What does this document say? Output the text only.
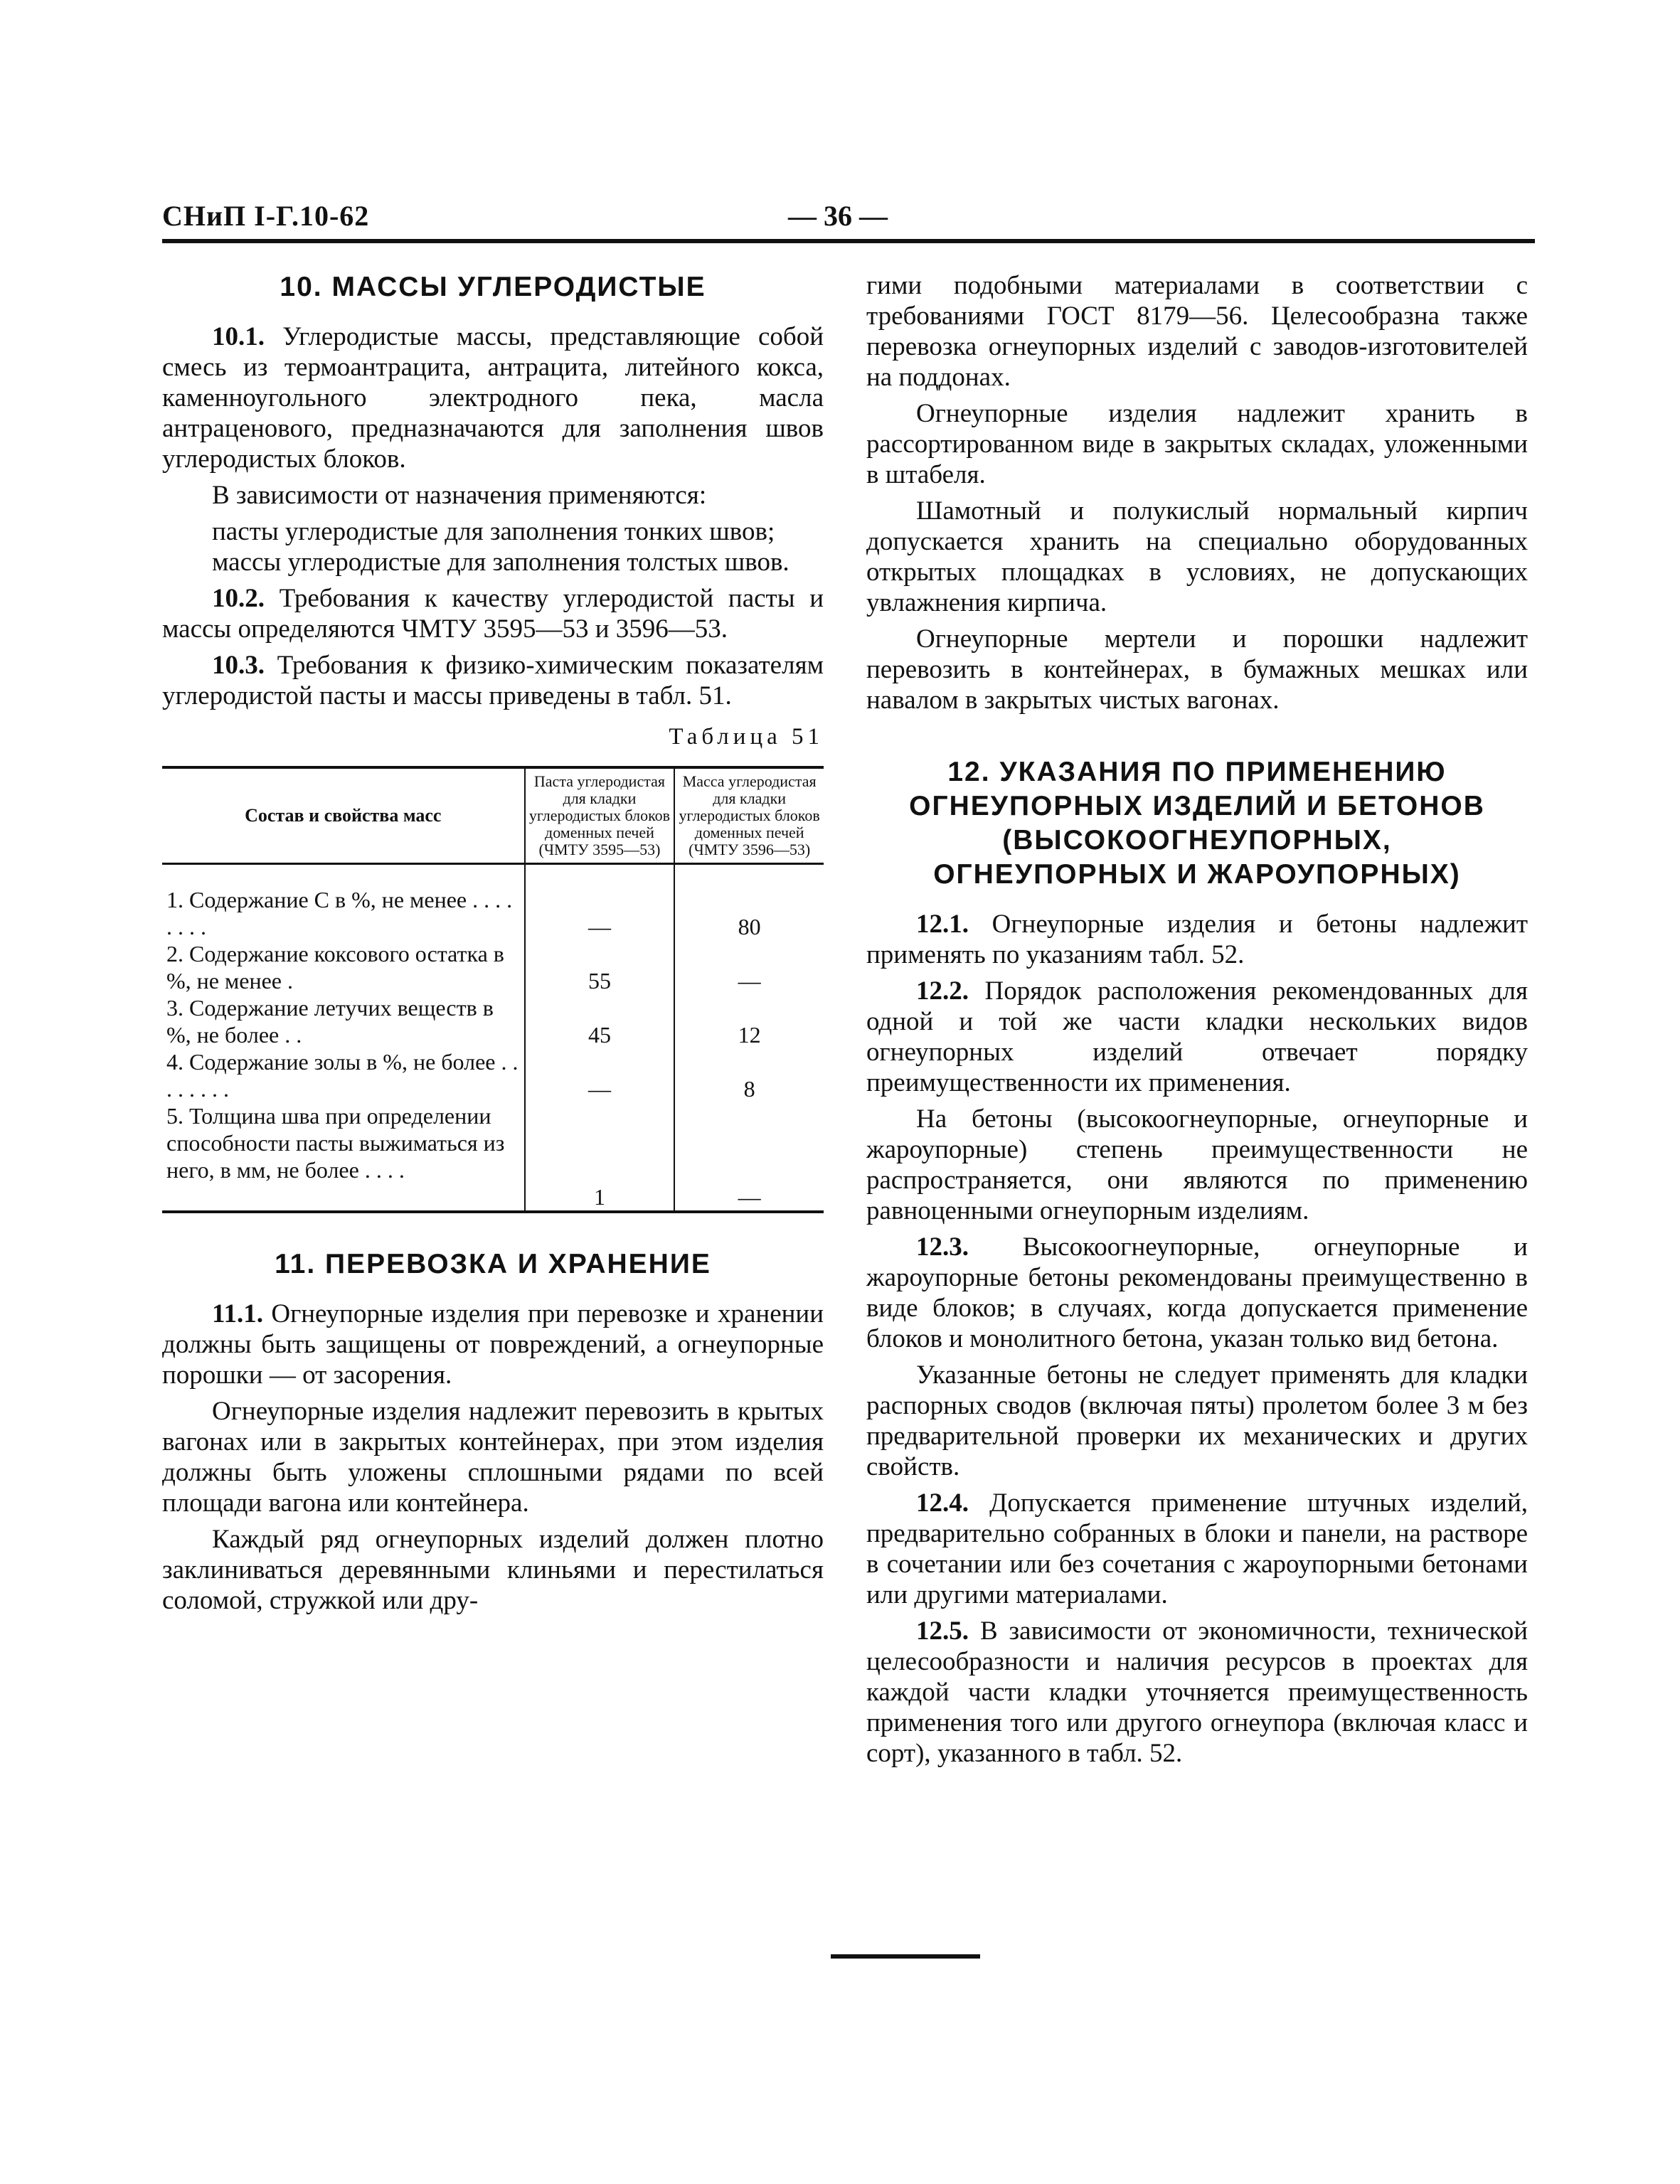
СНиП I-Г.10-62	— 36 —
10. МАССЫ УГЛЕРОДИСТЫЕ

10.1. Углеродистые массы, представляющие собой смесь из термоантрацита, антрацита, литейного кокса, каменноугольного электродного пека, масла антраценового, предназначаются для заполнения швов углеродистых блоков.

В зависимости от назначения применяются:

пасты углеродистые для заполнения тонких швов;

массы углеродистые для заполнения толстых швов.

10.2. Требования к качеству углеродистой пасты и массы определяются ЧМТУ 3595—53 и 3596—53.

10.3. Требования к физико-химическим показателям углеродистой пасты и массы приведены в табл. 51.

Таблица 51
Состав и свойства масс	Паста углеродистая для кладки углеродистых блоков доменных печей (ЧМТУ 3595—53)	Масса углеродистая для кладки углеродистых блоков доменных печей (ЧМТУ 3596—53)
1. Содержание С в %, не менее . . . . . . . .	—	80
2. Содержание коксового остатка в %, не менее .	55	—
3. Содержание летучих веществ в %, не более . .	45	12
4. Содержание золы в %, не более . . . . . . . .	—	8
5. Толщина шва при определении способности пасты выжиматься из него, в мм, не более . . . .	1	—
11. ПЕРЕВОЗКА И ХРАНЕНИЕ

11.1. Огнеупорные изделия при перевозке и хранении должны быть защищены от повреждений, а огнеупорные порошки — от засорения.

Огнеупорные изделия надлежит перевозить в крытых вагонах или в закрытых контейнерах, при этом изделия должны быть уложены сплошными рядами по всей площади вагона или контейнера.

Каждый ряд огнеупорных изделий должен плотно заклиниваться деревянными клиньями и перестилаться соломой, стружкой или дру-

гими подобными материалами в соответствии с требованиями ГОСТ 8179—56. Целесообразна также перевозка огнеупорных изделий с заводов-изготовителей на поддонах.

Огнеупорные изделия надлежит хранить в рассортированном виде в закрытых складах, уложенными в штабеля.

Шамотный и полукислый нормальный кирпич допускается хранить на специально оборудованных открытых площадках в условиях, не допускающих увлажнения кирпича.

Огнеупорные мертели и порошки надлежит перевозить в контейнерах, в бумажных мешках или навалом в закрытых чистых вагонах.

12. УКАЗАНИЯ ПО ПРИМЕНЕНИЮ
ОГНЕУПОРНЫХ ИЗДЕЛИЙ И БЕТОНОВ
(ВЫСОКООГНЕУПОРНЫХ,
ОГНЕУПОРНЫХ И ЖАРОУПОРНЫХ)

12.1. Огнеупорные изделия и бетоны надлежит применять по указаниям табл. 52.

12.2. Порядок расположения рекомендованных для одной и той же части кладки нескольких видов огнеупорных изделий отвечает порядку преимущественности их применения.

На бетоны (высокоогнеупорные, огнеупорные и жароупорные) степень преимущественности не распространяется, они являются по применению равноценными огнеупорным изделиям.

12.3. Высокоогнеупорные, огнеупорные и жароупорные бетоны рекомендованы преимущественно в виде блоков; в случаях, когда допускается применение блоков и монолитного бетона, указан только вид бетона.

Указанные бетоны не следует применять для кладки распорных сводов (включая пяты) пролетом более 3 м без предварительной проверки их механических и других свойств.

12.4. Допускается применение штучных изделий, предварительно собранных в блоки и панели, на растворе в сочетании или без сочетания с жароупорными бетонами или другими материалами.

12.5. В зависимости от экономичности, технической целесообразности и наличия ресурсов в проектах для каждой части кладки уточняется преимущественность применения того или другого огнеупора (включая класс и сорт), указанного в табл. 52.
